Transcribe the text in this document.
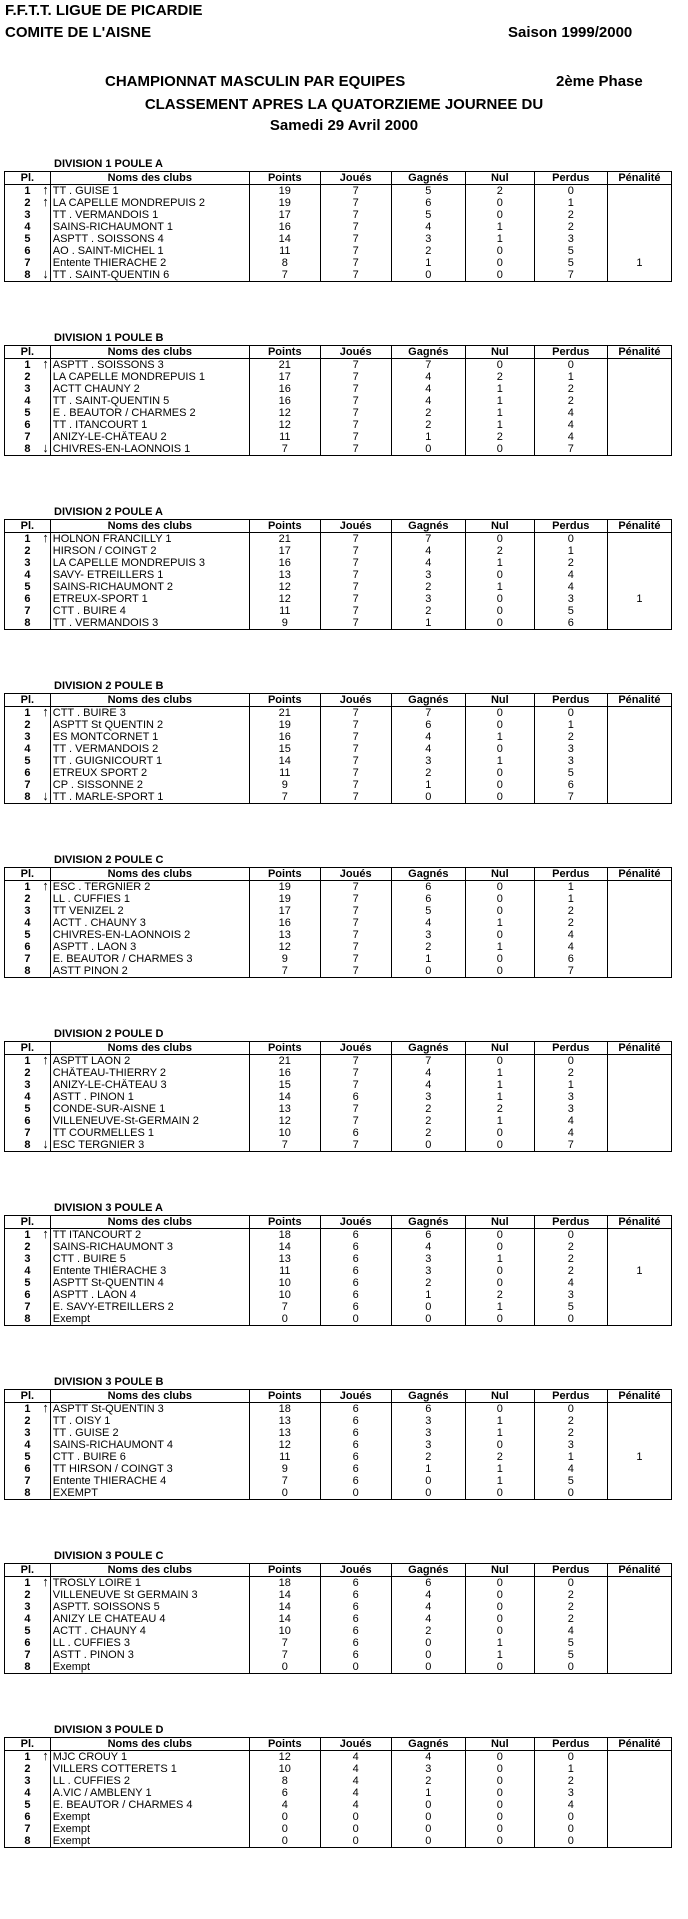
F.F.T.T. LIGUE DE PICARDIE
COMITE DE L'AISNE	Saison 1999/2000
CHAMPIONNAT MASCULIN PAR EQUIPES	2ème Phase
CLASSEMENT APRES LA QUATORZIEME JOURNEE DU
Samedi 29 Avril 2000
DIVISION 1 POULE A
Pl.	Noms des clubs	Points	Joués	Gagnés	Nul	Perdus	Pénalité
1 ↑	TT . GUISE 1	19	7	5	2	0	
2 ↑	LA CAPELLE MONDREPUIS 2	19	7	6	0	1	
3	TT . VERMANDOIS 1	17	7	5	0	2	
4	SAINS-RICHAUMONT 1	16	7	4	1	2	
5	ASPTT . SOISSONS 4	14	7	3	1	3	
6	AO . SAINT-MICHEL 1	11	7	2	0	5	
7	Entente THIERACHE 2	8	7	1	0	5	1
8 ↓	TT . SAINT-QUENTIN 6	7	7	0	0	7	
DIVISION 1 POULE B
Pl.	Noms des clubs	Points	Joués	Gagnés	Nul	Perdus	Pénalité
1 ↑	ASPTT . SOISSONS 3	21	7	7	0	0	
2	LA CAPELLE MONDREPUIS 1	17	7	4	2	1	
3	ACTT CHAUNY 2	16	7	4	1	2	
4	TT . SAINT-QUENTIN 5	16	7	4	1	2	
5	E . BEAUTOR / CHARMES 2	12	7	2	1	4	
6	TT . ITANCOURT 1	12	7	2	1	4	
7	ANIZY-LE-CHÂTEAU 2	11	7	1	2	4	
8 ↓	CHIVRES-EN-LAONNOIS 1	7	7	0	0	7	
DIVISION 2 POULE A
Pl.	Noms des clubs	Points	Joués	Gagnés	Nul	Perdus	Pénalité
1 ↑	HOLNON FRANCILLY 1	21	7	7	0	0	
2	HIRSON / COINGT 2	17	7	4	2	1	
3	LA CAPELLE MONDREPUIS 3	16	7	4	1	2	
4	SAVY- ETREILLERS 1	13	7	3	0	4	
5	SAINS-RICHAUMONT 2	12	7	2	1	4	
6	ETREUX-SPORT 1	12	7	3	0	3	1
7	CTT . BUIRE 4	11	7	2	0	5	
8	TT . VERMANDOIS 3	9	7	1	0	6	
DIVISION 2 POULE B
Pl.	Noms des clubs	Points	Joués	Gagnés	Nul	Perdus	Pénalité
1 ↑	CTT . BUIRE 3	21	7	7	0	0	
2	ASPTT St QUENTIN 2	19	7	6	0	1	
3	ES MONTCORNET 1	16	7	4	1	2	
4	TT . VERMANDOIS 2	15	7	4	0	3	
5	TT . GUIGNICOURT 1	14	7	3	1	3	
6	ETREUX SPORT 2	11	7	2	0	5	
7	CP . SISSONNE 2	9	7	1	0	6	
8 ↓	TT . MARLE-SPORT 1	7	7	0	0	7	
DIVISION 2 POULE C
Pl.	Noms des clubs	Points	Joués	Gagnés	Nul	Perdus	Pénalité
1 ↑	ESC . TERGNIER 2	19	7	6	0	1	
2	LL . CUFFIES 1	19	7	6	0	1	
3	TT VENIZEL 2	17	7	5	0	2	
4	ACTT . CHAUNY 3	16	7	4	1	2	
5	CHIVRES-EN-LAONNOIS 2	13	7	3	0	4	
6	ASPTT . LAON 3	12	7	2	1	4	
7	E. BEAUTOR / CHARMES 3	9	7	1	0	6	
8	ASTT PINON 2	7	7	0	0	7	
DIVISION 2 POULE D
Pl.	Noms des clubs	Points	Joués	Gagnés	Nul	Perdus	Pénalité
1 ↑	ASPTT LAON 2	21	7	7	0	0	
2	CHÂTEAU-THIERRY 2	16	7	4	1	2	
3	ANIZY-LE-CHÂTEAU 3	15	7	4	1	1	
4	ASTT . PINON 1	14	6	3	1	3	
5	CONDE-SUR-AISNE 1	13	7	2	2	3	
6	VILLENEUVE-St-GERMAIN 2	12	7	2	1	4	
7	TT COURMELLES 1	10	6	2	0	4	
8 ↓	ESC TERGNIER 3	7	7	0	0	7	
DIVISION 3 POULE A
Pl.	Noms des clubs	Points	Joués	Gagnés	Nul	Perdus	Pénalité
1 ↑	TT ITANCOURT 2	18	6	6	0	0	
2	SAINS-RICHAUMONT 3	14	6	4	0	2	
3	CTT . BUIRE 5	13	6	3	1	2	
4	Entente THIÉRACHE 3	11	6	3	0	2	1
5	ASPTT St-QUENTIN 4	10	6	2	0	4	
6	ASPTT . LAON 4	10	6	1	2	3	
7	E. SAVY-ETREILLERS 2	7	6	0	1	5	
8	Exempt	0	0	0	0	0	
DIVISION 3 POULE B
Pl.	Noms des clubs	Points	Joués	Gagnés	Nul	Perdus	Pénalité
1 ↑	ASPTT St-QUENTIN 3	18	6	6	0	0	
2	TT . OISY 1	13	6	3	1	2	
3	TT . GUISE 2	13	6	3	1	2	
4	SAINS-RICHAUMONT 4	12	6	3	0	3	
5	CTT . BUIRE 6	11	6	2	2	1	1
6	TT HIRSON / COINGT 3	9	6	1	1	4	
7	Entente THIERACHE 4	7	6	0	1	5	
8	EXEMPT	0	0	0	0	0	
DIVISION 3 POULE C
Pl.	Noms des clubs	Points	Joués	Gagnés	Nul	Perdus	Pénalité
1 ↑	TROSLY LOIRE 1	18	6	6	0	0	
2	VILLENEUVE St GERMAIN 3	14	6	4	0	2	
3	ASPTT. SOISSONS 5	14	6	4	0	2	
4	ANIZY LE CHATEAU 4	14	6	4	0	2	
5	ACTT . CHAUNY 4	10	6	2	0	4	
6	LL . CUFFIES 3	7	6	0	1	5	
7	ASTT . PINON 3	7	6	0	1	5	
8	Exempt	0	0	0	0	0	
DIVISION 3 POULE D
Pl.	Noms des clubs	Points	Joués	Gagnés	Nul	Perdus	Pénalité
1 ↑	MJC CROUY 1	12	4	4	0	0	
2	VILLERS COTTERETS 1	10	4	3	0	1	
3	LL . CUFFIES 2	8	4	2	0	2	
4	A.VIC / AMBLENY 1	6	4	1	0	3	
5	E. BEAUTOR / CHARMES 4	4	4	0	0	4	
6	Exempt	0	0	0	0	0	
7	Exempt	0	0	0	0	0	
8	Exempt	0	0	0	0	0	
